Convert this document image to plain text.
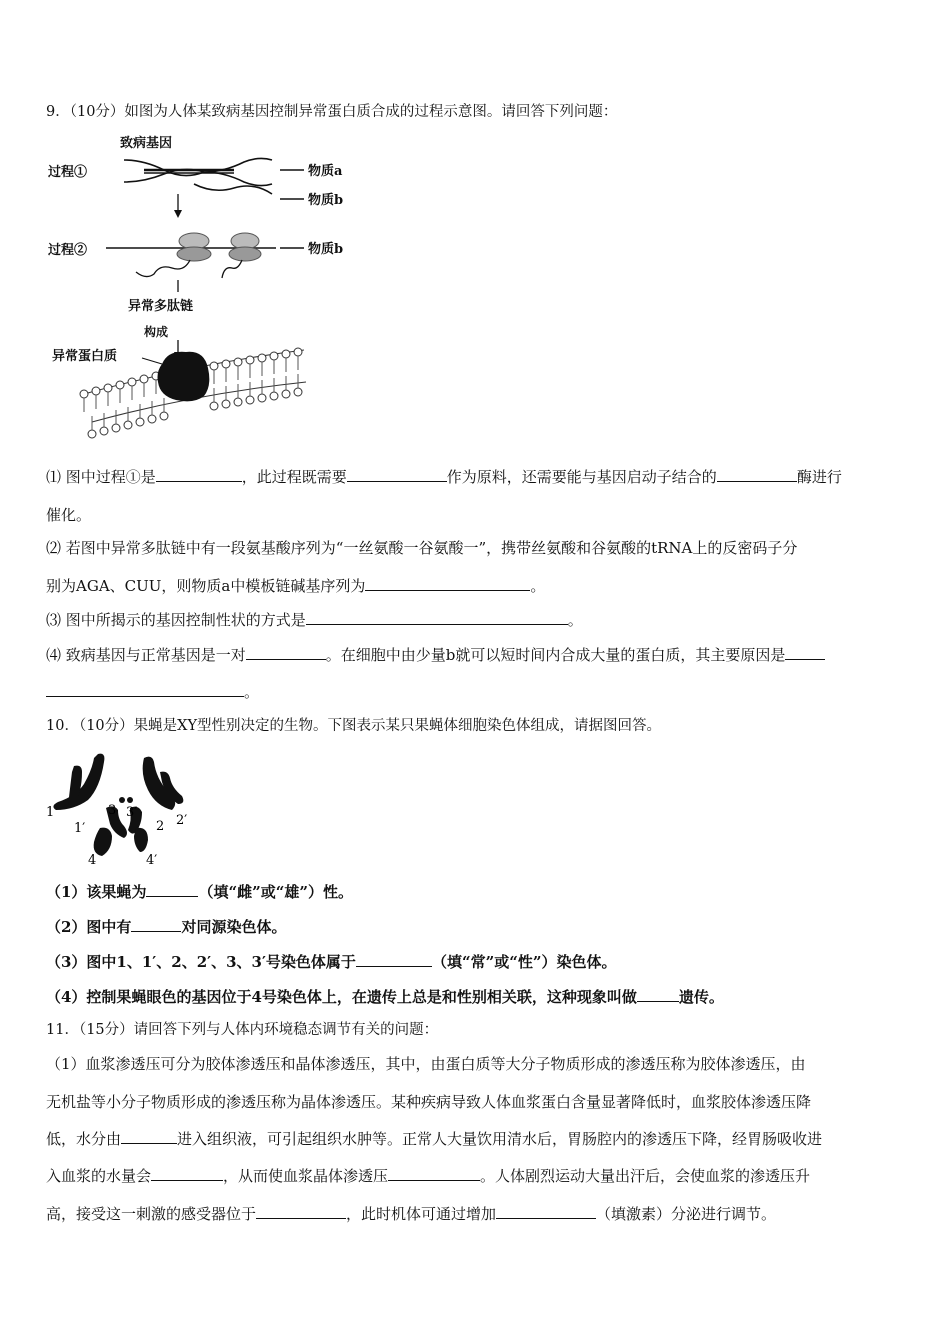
9．（10分）如图为人体某致病基因控制异常蛋白质合成的过程示意图。请回答下列问题：
致病基因
过程①	物质a
物质b
过程②	物质b
异常多肽链
构成
异常蛋白质
⑴ 图中过程①是	，此过程既需要	作为原料，还需要能与基因启动子结合的	酶进行
催化。
⑵ 若图中异常多肽链中有一段氨基酸序列为“一丝氨酸一谷氨酸一”，携带丝氨酸和谷氨酸的tRNA上的反密码子分
别为AGA、CUU，则物质a中模板链碱基序列为	。
⑶ 图中所揭示的基因控制性状的方式是	。
⑷ 致病基因与正常基因是一对	。在细胞中由少量b就可以短时间内合成大量的蛋白质，其主要原因是
。
10．（10分）果蝇是XY型性别决定的生物。下图表示某只果蝇体细胞染色体组成，请据图回答。
1
1′
3 3′
2 2′
4	4′
（1）该果蝇为	（填“雌”或“雄”）性。
（2）图中有	对同源染色体。
（3）图中1、1′、2、2′、3、3′号染色体属于	（填“常”或“性”）染色体。
（4）控制果蝇眼色的基因位于4号染色体上，在遗传上总是和性别相关联，这种现象叫做	遗传。
11．（15分）请回答下列与人体内环境稳态调节有关的问题：
（1）血浆渗透压可分为胶体渗透压和晶体渗透压，其中，由蛋白质等大分子物质形成的渗透压称为胶体渗透压，由
无机盐等小分子物质形成的渗透压称为晶体渗透压。某种疾病导致人体血浆蛋白含量显著降低时，血浆胶体渗透压降
低，水分由	进入组织液，可引起组织水肿等。正常人大量饮用清水后，胃肠腔内的渗透压下降，经胃肠吸收进
入血浆的水量会	，从而使血浆晶体渗透压	。人体剧烈运动大量出汗后，会使血浆的渗透压升
高，接受这一刺激的感受器位于	，此时机体可通过增加	（填激素）分泌进行调节。
